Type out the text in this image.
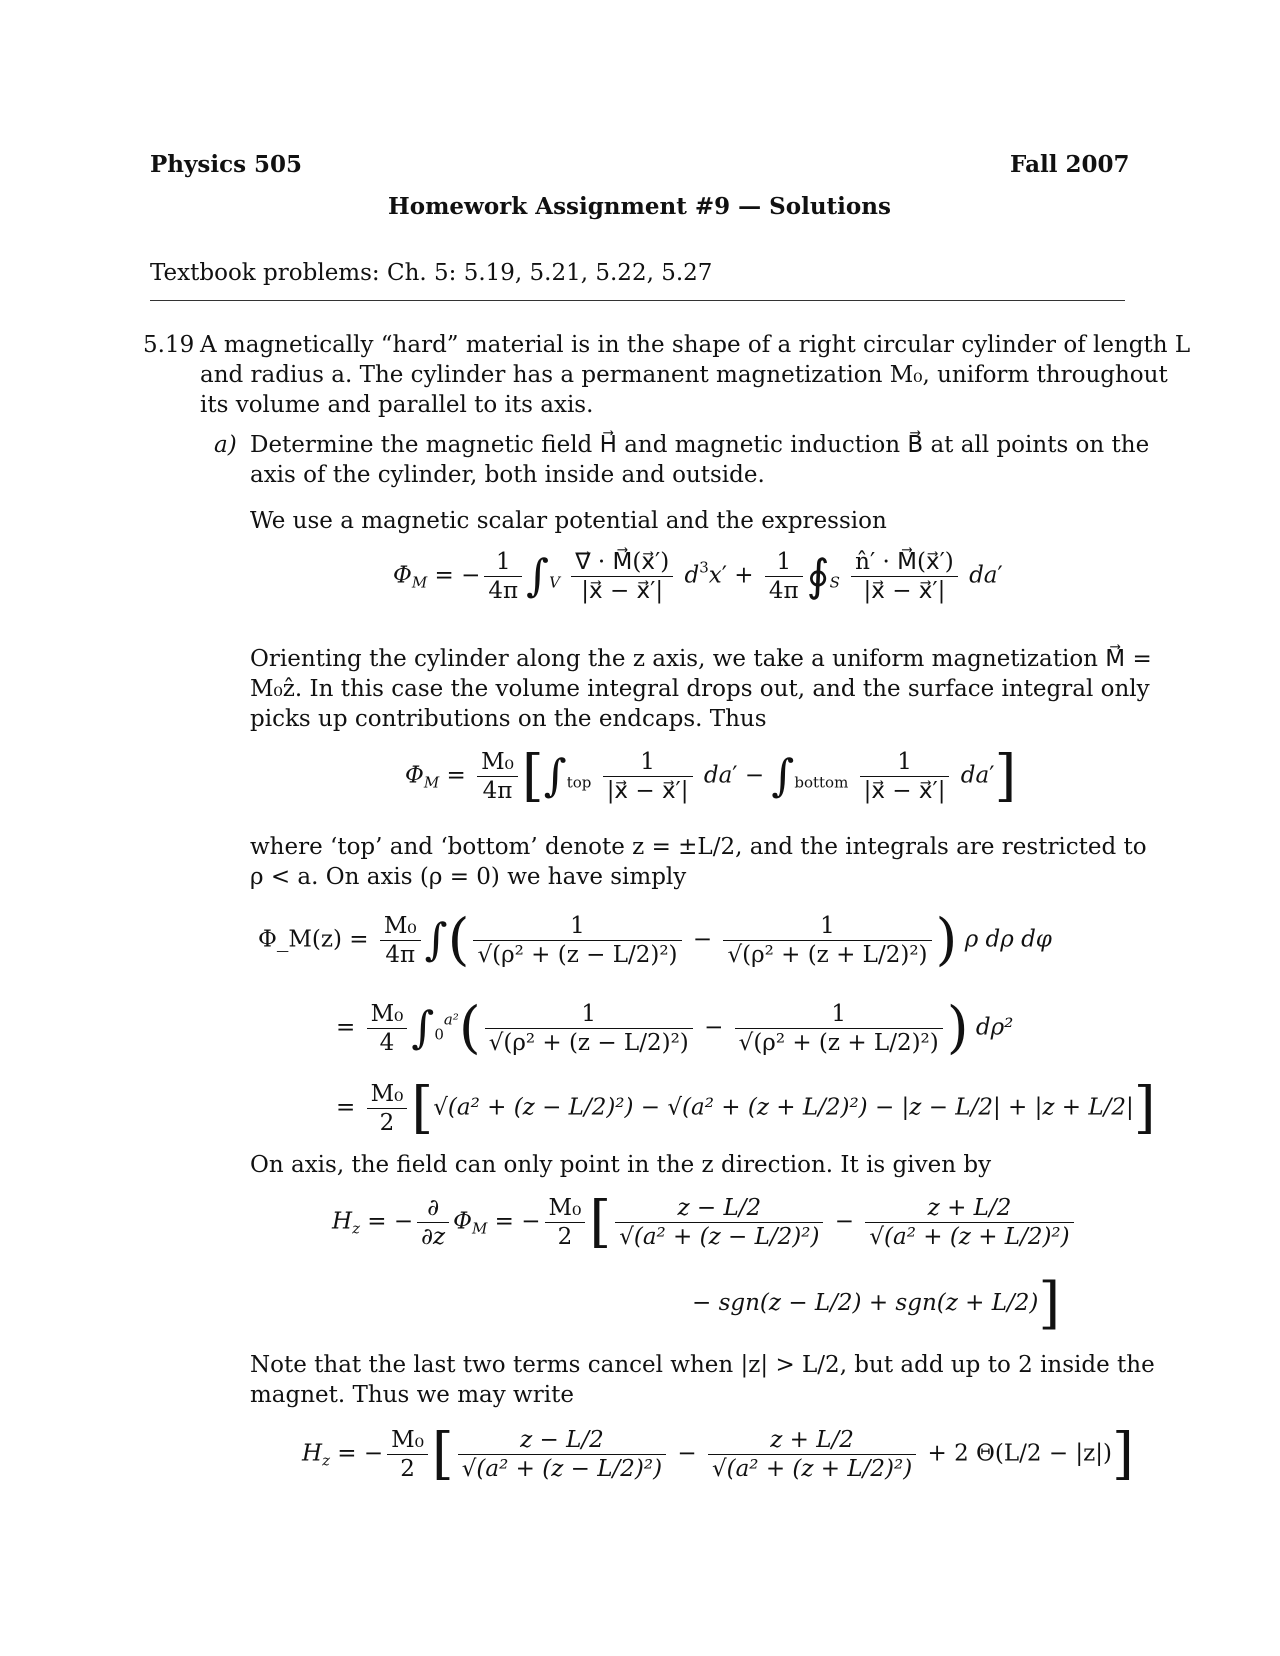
Physics 505	Fall 2007
Homework Assignment #9 — Solutions
Textbook problems: Ch. 5: 5.19, 5.21, 5.22, 5.27
5.19 A magnetically “hard” material is in the shape of a right circular cylinder of length L
and radius a. The cylinder has a permanent magnetization M₀, uniform throughout
its volume and parallel to its axis.
a) Determine the magnetic field H⃗ and magnetic induction B⃗ at all points on the
axis of the cylinder, both inside and outside.
We use a magnetic scalar potential and the expression
$\Phi_M$ = − $\frac{1}{4\pi} \int_V \frac{\nabla⃗ \cdot M⃗(x⃗')}{|x⃗ - x⃗'|} d^3x' + \frac{1}{4\pi}$ $∮_S \frac{n̂' \cdot M⃗(x⃗')}{|x⃗ - x⃗'|} da'$
Orienting the cylinder along the z axis, we take a uniform magnetization M⃗ =
M₀ẑ. In this case the volume integral drops out, and the surface integral only
picks up contributions on the endcaps. Thus
$\Phi_M = \frac{\text{M₀}}{4\pi} [\int_{top} \frac{1}{|x⃗ - x⃗'|} da' - \int_{bottom} \frac{1}{|x⃗ - x⃗'|} da']$
where ‘top’ and ‘bottom’ denote z = ±L/2, and the integrals are restricted to
ρ < a. On axis (ρ = 0) we have simply
Φ_M(z) = $\frac{\text{M₀}}{4\pi}$ ∫( $\frac{1}{\text{√(ρ² + (z − L/2)²)}} - \frac{1}{\text{√(ρ² + (z + L/2)²)}}$ ) ρ dρ dφ
= $\frac{\text{M₀}}{4} \int_0^{a^2}( \frac{1}{\text{√(ρ² + (z − L/2)²)}} - \frac{1}{\text{√(ρ² + (z + L/2)²)}}$ ) dρ²
= $\frac{\text{M₀}}{2} [√(a^2 + (z - L/2)^2) - √(a^2 + (z + L/2)^2) - |z - L/2| + |z + L/2|]$
On axis, the field can only point in the z direction. It is given by
$H_z$ = − $\frac{\partial}{\partial z} \Phi_M$ = − $\frac{\text{M₀}}{2}$ [ $\frac{z - L/2}{\text{√(a² + (z − L/2)²)}} - \frac{z + L/2}{\text{√(a² + (z + L/2)²)}}$
− sgn(z − L/2) + sgn(z + L/2)]
Note that the last two terms cancel when |z| > L/2, but add up to 2 inside the
magnet. Thus we may write
$H_z$ = − $\frac{\text{M₀}}{2}$ [ $\frac{z - L/2}{\text{√(a² + (z − L/2)²)}} - \frac{z + L/2}{\text{√(a² + (z + L/2)²)}} + 2$ Θ(L/2 − |z|)]
